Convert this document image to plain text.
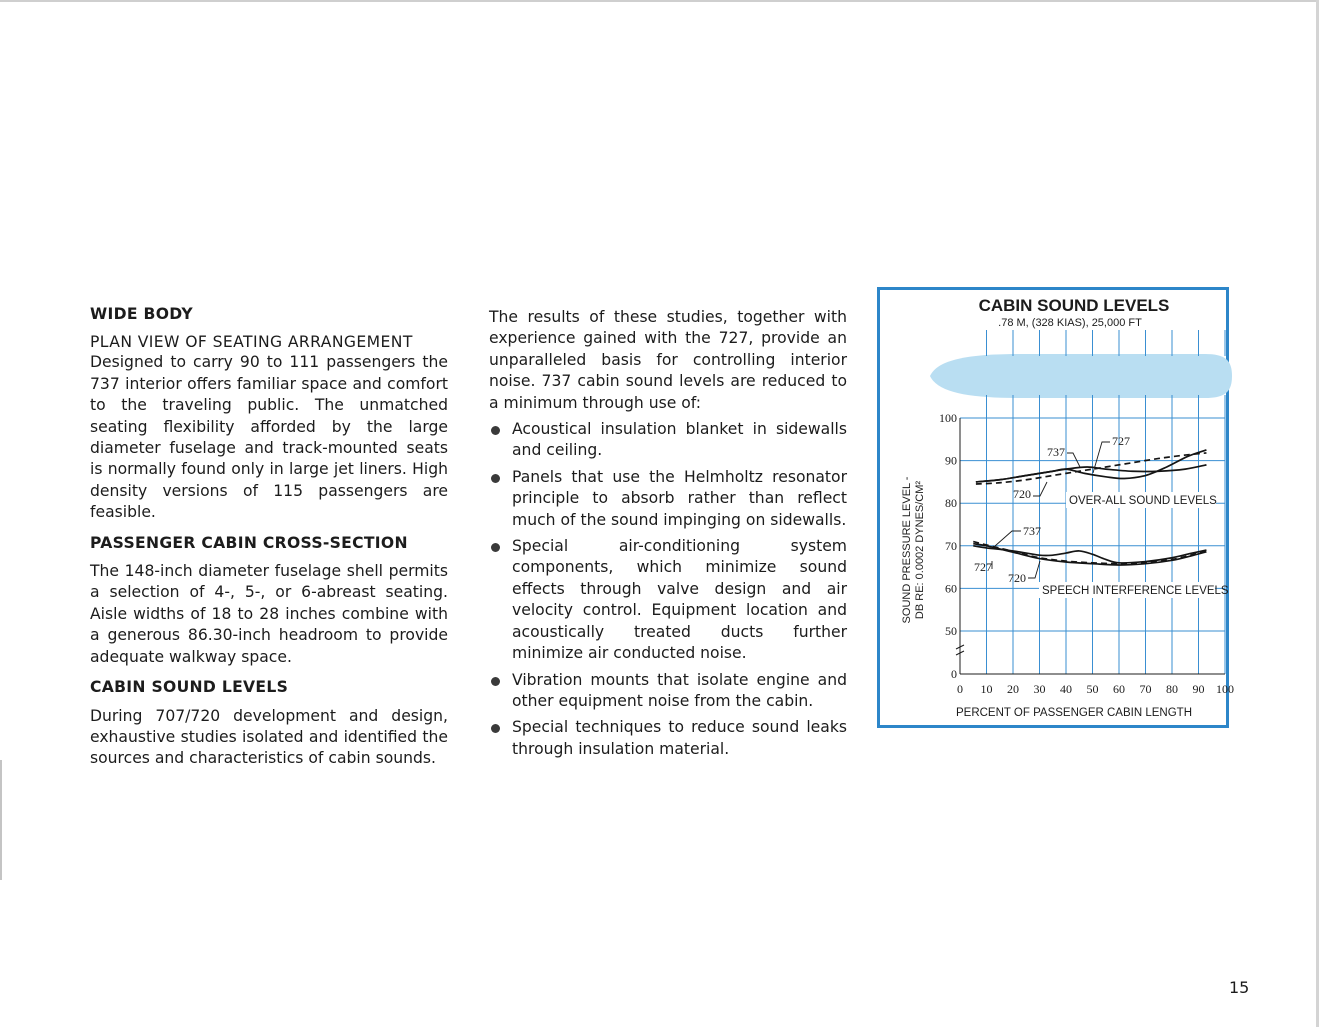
WIDE BODY

PLAN VIEW OF SEATING ARRANGEMENT

Designed to carry 90 to 111 passengers the 737 interior offers familiar space and comfort to the traveling public. The unmatched seating flexibility afforded by the large diameter fuselage and track-mounted seats is normally found only in large jet liners. High density versions of 115 passengers are feasible.

PASSENGER CABIN CROSS-SECTION

The 148-inch diameter fuselage shell permits a selection of 4-, 5-, or 6-abreast seating. Aisle widths of 18 to 28 inches combine with a generous 86.30-inch headroom to provide adequate walkway space.

CABIN SOUND LEVELS

During 707/720 development and design, exhaustive studies isolated and identified the sources and characteristics of cabin sounds.

The results of these studies, together with experience gained with the 727, provide an unparalleled basis for controlling interior noise. 737 cabin sound levels are reduced to a minimum through use of:

Acoustical insulation blanket in sidewalls and ceiling.
Panels that use the Helmholtz resonator principle to absorb rather than reflect much of the sound impinging on sidewalls.
Special air-conditioning system components, which minimize sound effects through valve design and air velocity control. Equipment location and acoustically treated ducts further minimize air conducted noise.
Vibration mounts that isolate engine and other equipment noise from the cabin.
Special techniques to reduce sound leaks through insulation material.
CABIN SOUND LEVELS
.78 M, (328 KIAS), 25,000 FT
0 10 20 30 40 50 60 70 80 90 100
0
50
60
70
80
90
100
OVER-ALL SOUND LEVELS
SPEECH INTERFERENCE LEVELS
727
737
720
737
727
720
PERCENT OF PASSENGER CABIN LENGTH
SOUND PRESSURE LEVEL - DB RE: 0.0002 DYNES/CM²
15
